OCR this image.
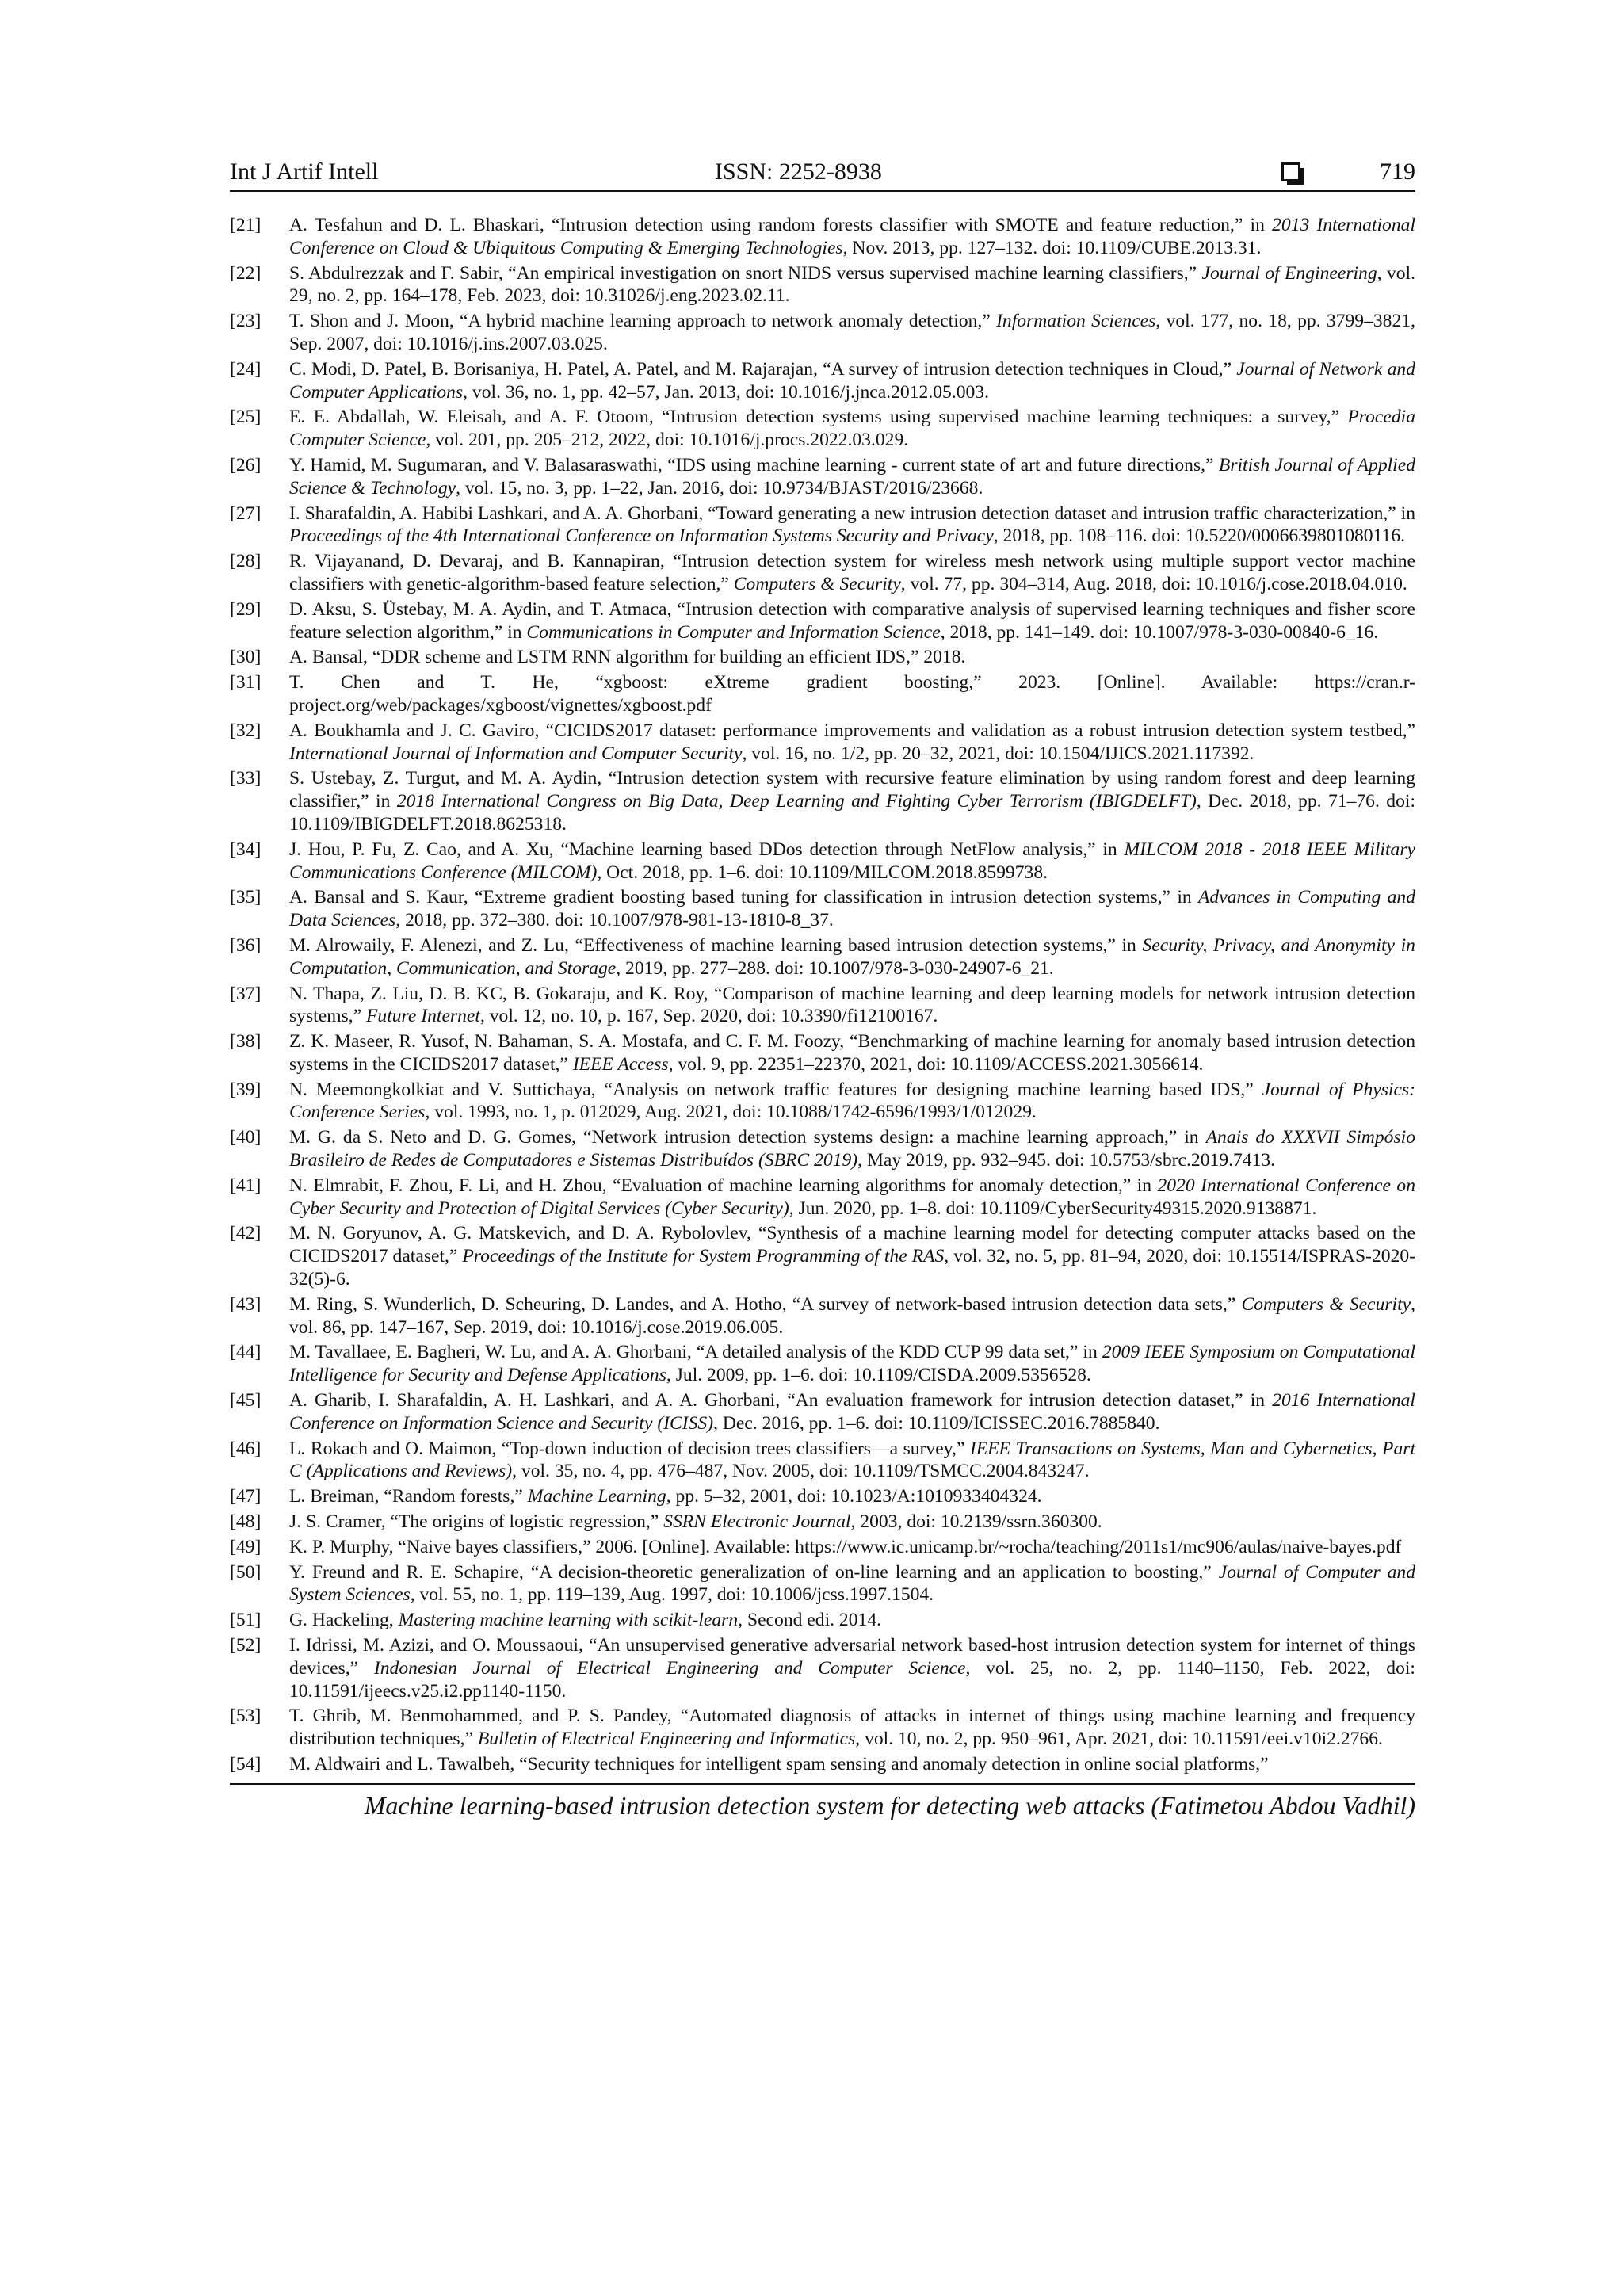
Int J Artif Intell	ISSN: 2252-8938	719
[21] A. Tesfahun and D. L. Bhaskari, “Intrusion detection using random forests classifier with SMOTE and feature reduction,” in 2013 International Conference on Cloud & Ubiquitous Computing & Emerging Technologies, Nov. 2013, pp. 127–132. doi: 10.1109/CUBE.2013.31.
[22] S. Abdulrezzak and F. Sabir, “An empirical investigation on snort NIDS versus supervised machine learning classifiers,” Journal of Engineering, vol. 29, no. 2, pp. 164–178, Feb. 2023, doi: 10.31026/j.eng.2023.02.11.
[23] T. Shon and J. Moon, “A hybrid machine learning approach to network anomaly detection,” Information Sciences, vol. 177, no. 18, pp. 3799–3821, Sep. 2007, doi: 10.1016/j.ins.2007.03.025.
[24] C. Modi, D. Patel, B. Borisaniya, H. Patel, A. Patel, and M. Rajarajan, “A survey of intrusion detection techniques in Cloud,” Journal of Network and Computer Applications, vol. 36, no. 1, pp. 42–57, Jan. 2013, doi: 10.1016/j.jnca.2012.05.003.
[25] E. E. Abdallah, W. Eleisah, and A. F. Otoom, “Intrusion detection systems using supervised machine learning techniques: a survey,” Procedia Computer Science, vol. 201, pp. 205–212, 2022, doi: 10.1016/j.procs.2022.03.029.
[26] Y. Hamid, M. Sugumaran, and V. Balasaraswathi, “IDS using machine learning - current state of art and future directions,” British Journal of Applied Science & Technology, vol. 15, no. 3, pp. 1–22, Jan. 2016, doi: 10.9734/BJAST/2016/23668.
[27] I. Sharafaldin, A. Habibi Lashkari, and A. A. Ghorbani, “Toward generating a new intrusion detection dataset and intrusion traffic characterization,” in Proceedings of the 4th International Conference on Information Systems Security and Privacy, 2018, pp. 108–116. doi: 10.5220/0006639801080116.
[28] R. Vijayanand, D. Devaraj, and B. Kannapiran, “Intrusion detection system for wireless mesh network using multiple support vector machine classifiers with genetic-algorithm-based feature selection,” Computers & Security, vol. 77, pp. 304–314, Aug. 2018, doi: 10.1016/j.cose.2018.04.010.
[29] D. Aksu, S. Üstebay, M. A. Aydin, and T. Atmaca, “Intrusion detection with comparative analysis of supervised learning techniques and fisher score feature selection algorithm,” in Communications in Computer and Information Science, 2018, pp. 141–149. doi: 10.1007/978-3-030-00840-6_16.
[30] A. Bansal, “DDR scheme and LSTM RNN algorithm for building an efficient IDS,” 2018.
[31] T. Chen and T. He, “xgboost: eXtreme gradient boosting,” 2023. [Online]. Available: https://cran.r-project.org/web/packages/xgboost/vignettes/xgboost.pdf
[32] A. Boukhamla and J. C. Gaviro, “CICIDS2017 dataset: performance improvements and validation as a robust intrusion detection system testbed,” International Journal of Information and Computer Security, vol. 16, no. 1/2, pp. 20–32, 2021, doi: 10.1504/IJICS.2021.117392.
[33] S. Ustebay, Z. Turgut, and M. A. Aydin, “Intrusion detection system with recursive feature elimination by using random forest and deep learning classifier,” in 2018 International Congress on Big Data, Deep Learning and Fighting Cyber Terrorism (IBIGDELFT), Dec. 2018, pp. 71–76. doi: 10.1109/IBIGDELFT.2018.8625318.
[34] J. Hou, P. Fu, Z. Cao, and A. Xu, “Machine learning based DDos detection through NetFlow analysis,” in MILCOM 2018 - 2018 IEEE Military Communications Conference (MILCOM), Oct. 2018, pp. 1–6. doi: 10.1109/MILCOM.2018.8599738.
[35] A. Bansal and S. Kaur, “Extreme gradient boosting based tuning for classification in intrusion detection systems,” in Advances in Computing and Data Sciences, 2018, pp. 372–380. doi: 10.1007/978-981-13-1810-8_37.
[36] M. Alrowaily, F. Alenezi, and Z. Lu, “Effectiveness of machine learning based intrusion detection systems,” in Security, Privacy, and Anonymity in Computation, Communication, and Storage, 2019, pp. 277–288. doi: 10.1007/978-3-030-24907-6_21.
[37] N. Thapa, Z. Liu, D. B. KC, B. Gokaraju, and K. Roy, “Comparison of machine learning and deep learning models for network intrusion detection systems,” Future Internet, vol. 12, no. 10, p. 167, Sep. 2020, doi: 10.3390/fi12100167.
[38] Z. K. Maseer, R. Yusof, N. Bahaman, S. A. Mostafa, and C. F. M. Foozy, “Benchmarking of machine learning for anomaly based intrusion detection systems in the CICIDS2017 dataset,” IEEE Access, vol. 9, pp. 22351–22370, 2021, doi: 10.1109/ACCESS.2021.3056614.
[39] N. Meemongkolkiat and V. Suttichaya, “Analysis on network traffic features for designing machine learning based IDS,” Journal of Physics: Conference Series, vol. 1993, no. 1, p. 012029, Aug. 2021, doi: 10.1088/1742-6596/1993/1/012029.
[40] M. G. da S. Neto and D. G. Gomes, “Network intrusion detection systems design: a machine learning approach,” in Anais do XXXVII Simpósio Brasileiro de Redes de Computadores e Sistemas Distribuídos (SBRC 2019), May 2019, pp. 932–945. doi: 10.5753/sbrc.2019.7413.
[41] N. Elmrabit, F. Zhou, F. Li, and H. Zhou, “Evaluation of machine learning algorithms for anomaly detection,” in 2020 International Conference on Cyber Security and Protection of Digital Services (Cyber Security), Jun. 2020, pp. 1–8. doi: 10.1109/CyberSecurity49315.2020.9138871.
[42] M. N. Goryunov, A. G. Matskevich, and D. A. Rybolovlev, “Synthesis of a machine learning model for detecting computer attacks based on the CICIDS2017 dataset,” Proceedings of the Institute for System Programming of the RAS, vol. 32, no. 5, pp. 81–94, 2020, doi: 10.15514/ISPRAS-2020-32(5)-6.
[43] M. Ring, S. Wunderlich, D. Scheuring, D. Landes, and A. Hotho, “A survey of network-based intrusion detection data sets,” Computers & Security, vol. 86, pp. 147–167, Sep. 2019, doi: 10.1016/j.cose.2019.06.005.
[44] M. Tavallaee, E. Bagheri, W. Lu, and A. A. Ghorbani, “A detailed analysis of the KDD CUP 99 data set,” in 2009 IEEE Symposium on Computational Intelligence for Security and Defense Applications, Jul. 2009, pp. 1–6. doi: 10.1109/CISDA.2009.5356528.
[45] A. Gharib, I. Sharafaldin, A. H. Lashkari, and A. A. Ghorbani, “An evaluation framework for intrusion detection dataset,” in 2016 International Conference on Information Science and Security (ICISS), Dec. 2016, pp. 1–6. doi: 10.1109/ICISSEC.2016.7885840.
[46] L. Rokach and O. Maimon, “Top-down induction of decision trees classifiers—a survey,” IEEE Transactions on Systems, Man and Cybernetics, Part C (Applications and Reviews), vol. 35, no. 4, pp. 476–487, Nov. 2005, doi: 10.1109/TSMCC.2004.843247.
[47] L. Breiman, “Random forests,” Machine Learning, pp. 5–32, 2001, doi: 10.1023/A:1010933404324.
[48] J. S. Cramer, “The origins of logistic regression,” SSRN Electronic Journal, 2003, doi: 10.2139/ssrn.360300.
[49] K. P. Murphy, “Naive bayes classifiers,” 2006. [Online]. Available: https://www.ic.unicamp.br/~rocha/teaching/2011s1/mc906/aulas/naive-bayes.pdf
[50] Y. Freund and R. E. Schapire, “A decision-theoretic generalization of on-line learning and an application to boosting,” Journal of Computer and System Sciences, vol. 55, no. 1, pp. 119–139, Aug. 1997, doi: 10.1006/jcss.1997.1504.
[51] G. Hackeling, Mastering machine learning with scikit-learn, Second edi. 2014.
[52] I. Idrissi, M. Azizi, and O. Moussaoui, “An unsupervised generative adversarial network based-host intrusion detection system for internet of things devices,” Indonesian Journal of Electrical Engineering and Computer Science, vol. 25, no. 2, pp. 1140–1150, Feb. 2022, doi: 10.11591/ijeecs.v25.i2.pp1140-1150.
[53] T. Ghrib, M. Benmohammed, and P. S. Pandey, “Automated diagnosis of attacks in internet of things using machine learning and frequency distribution techniques,” Bulletin of Electrical Engineering and Informatics, vol. 10, no. 2, pp. 950–961, Apr. 2021, doi: 10.11591/eei.v10i2.2766.
[54] M. Aldwairi and L. Tawalbeh, “Security techniques for intelligent spam sensing and anomaly detection in online social platforms,”
Machine learning-based intrusion detection system for detecting web attacks (Fatimetou Abdou Vadhil)
